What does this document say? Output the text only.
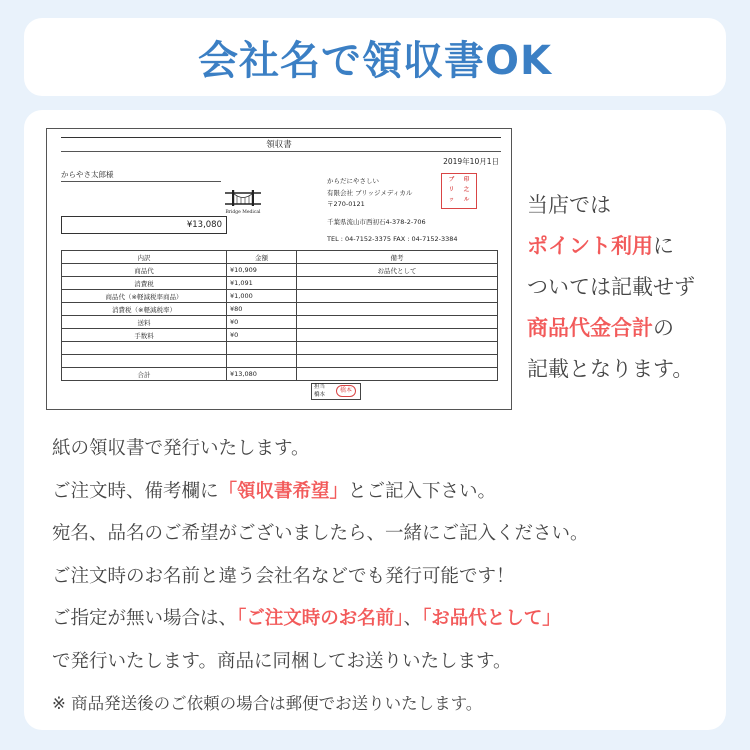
会社名で領収書OK
領収書
2019年10月1日
からやさ太郎様
Bridge Medical
¥13,080
からだにやさしい
有限会社 ブリッジメディカル
〒270-0121
千葉県流山市西初石4-378-2-706
TEL : 04-7152-3375 FAX : 04-7152-3384
ブ 印
リ 之
ッ ル
内訳	金額	備考
商品代	¥10,909	お品代として
消費税	¥1,091	
商品代（※軽減税率商品）	¥1,000	
消費税（※軽減税率）	¥80	
送料	¥0	
手数料	¥0	

合計	¥13,080	
担当
橋本
橋本
当店では
ポイント利用に
ついては記載せず
商品代金合計の
記載となります。
紙の領収書で発行いたします。
ご注文時、備考欄に「領収書希望」とご記入下さい。
宛名、品名のご希望がございましたら、一緒にご記入ください。
ご注文時のお名前と違う会社名などでも発行可能です！
ご指定が無い場合は、「ご注文時のお名前」、「お品代として」
で発行いたします。商品に同梱してお送りいたします。
※ 商品発送後のご依頼の場合は郵便でお送りいたします。
